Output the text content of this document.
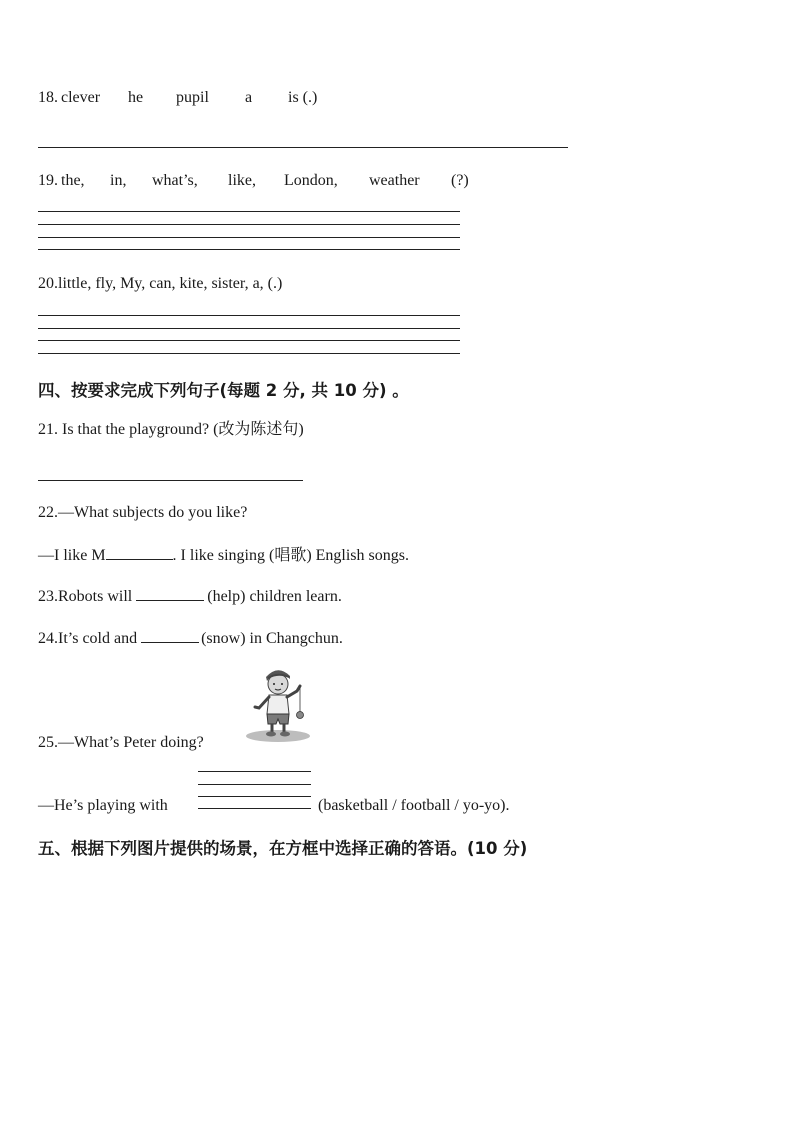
18. clever he pupil a is (.)
19. the, in, what’s, like, London, weather (?)
20.little, fly, My, can, kite, sister, a, (.)
四、按要求完成下列句子(每题 2 分, 共 10 分) 。
21. Is that the playground? (改为陈述句)
22.—What subjects do you like?
—I like M	. I like singing (唱歌) English songs.
23.Robots will	(help) children learn.
24.It’s cold and	(snow) in Changchun.
25.—What’s Peter doing?
—He’s playing with	(basketball / football / yo-yo).
五、根据下列图片提供的场景，在方框中选择正确的答语。(10 分)
